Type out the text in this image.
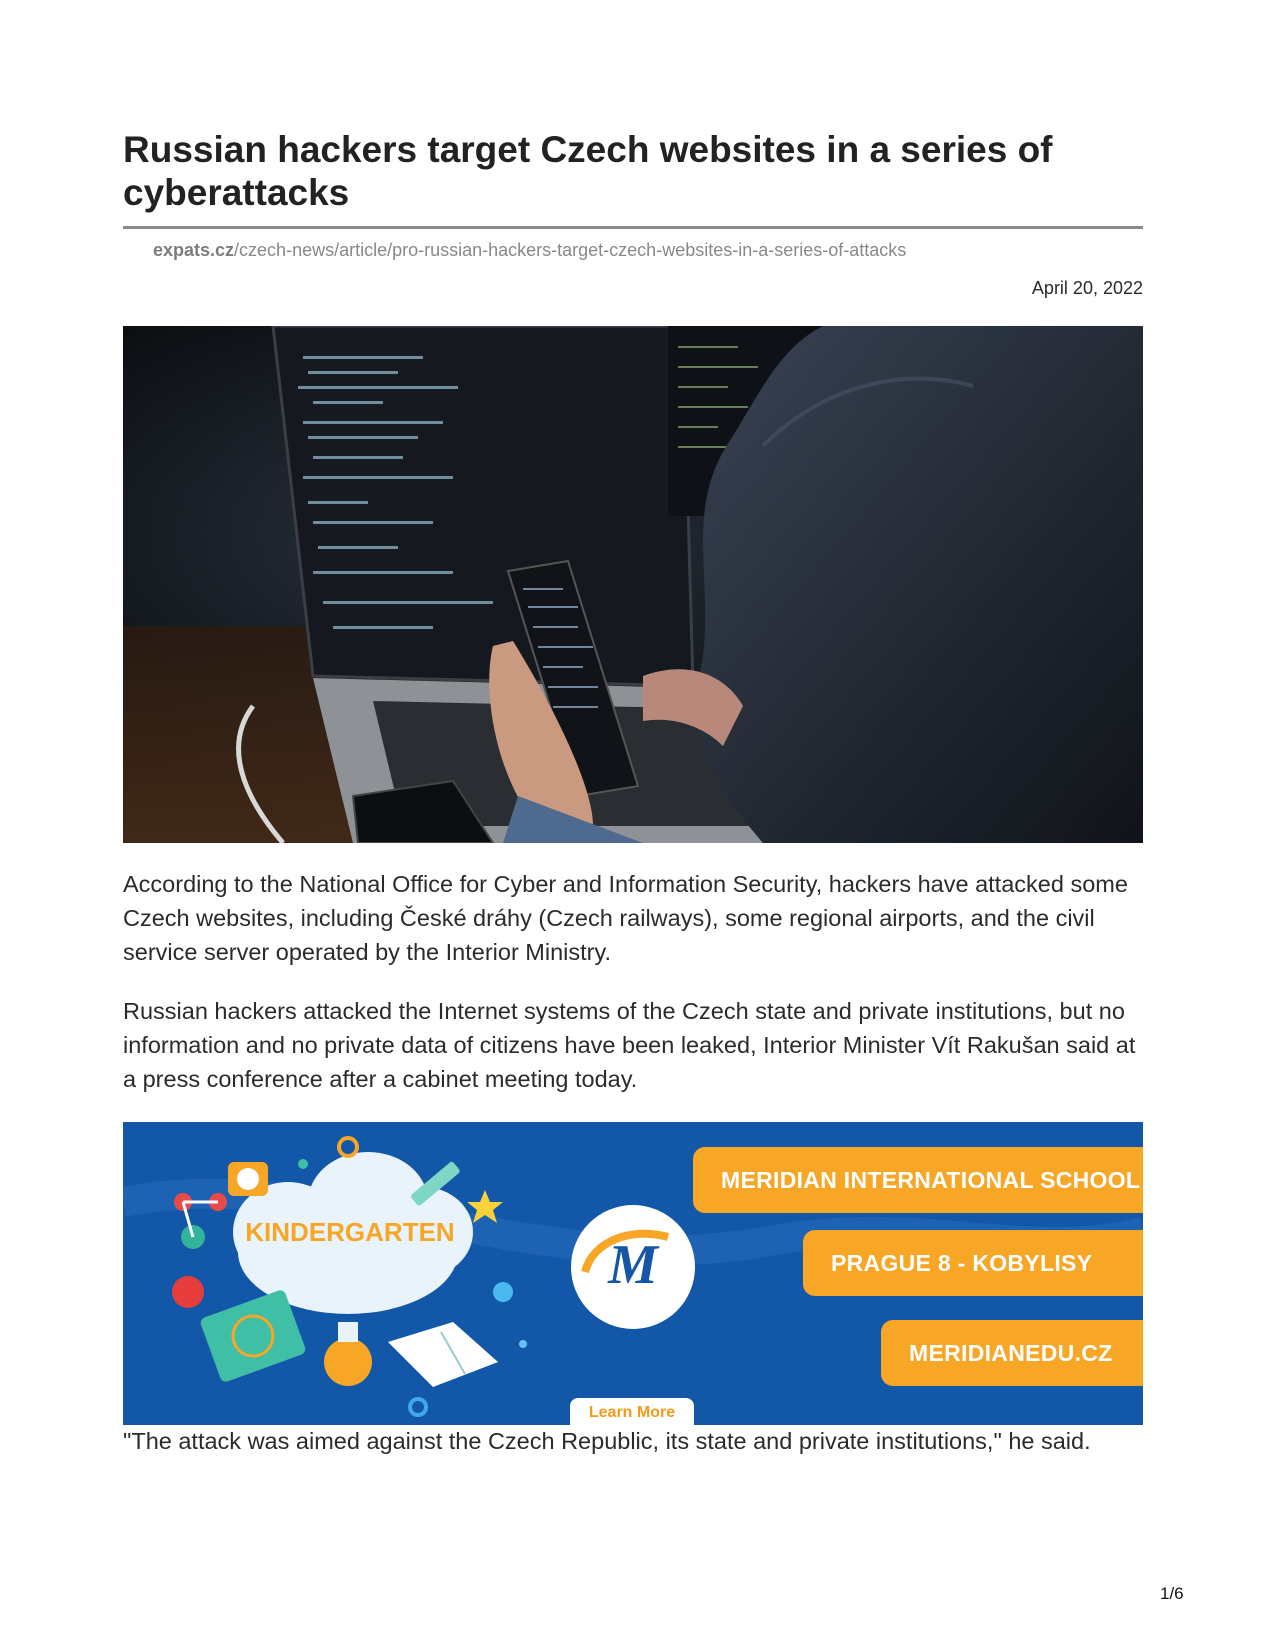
Russian hackers target Czech websites in a series of cyberattacks
expats.cz/czech-news/article/pro-russian-hackers-target-czech-websites-in-a-series-of-attacks
April 20, 2022

According to the National Office for Cyber and Information Security, hackers have attacked some Czech websites, including České dráhy (Czech railways), some regional airports, and the civil service server operated by the Interior Ministry.

Russian hackers attacked the Internet systems of the Czech state and private institutions, but no information and no private data of citizens have been leaked, Interior Minister Vít Rakušan said at a press conference after a cabinet meeting today.

KINDERGARTEN
M
MERIDIAN INTERNATIONAL SCHOOL
PRAGUE 8 - KOBYLISY
MERIDIANEDU.CZ
Learn More

"The attack was aimed against the Czech Republic, its state and private institutions," he said.

1/6
